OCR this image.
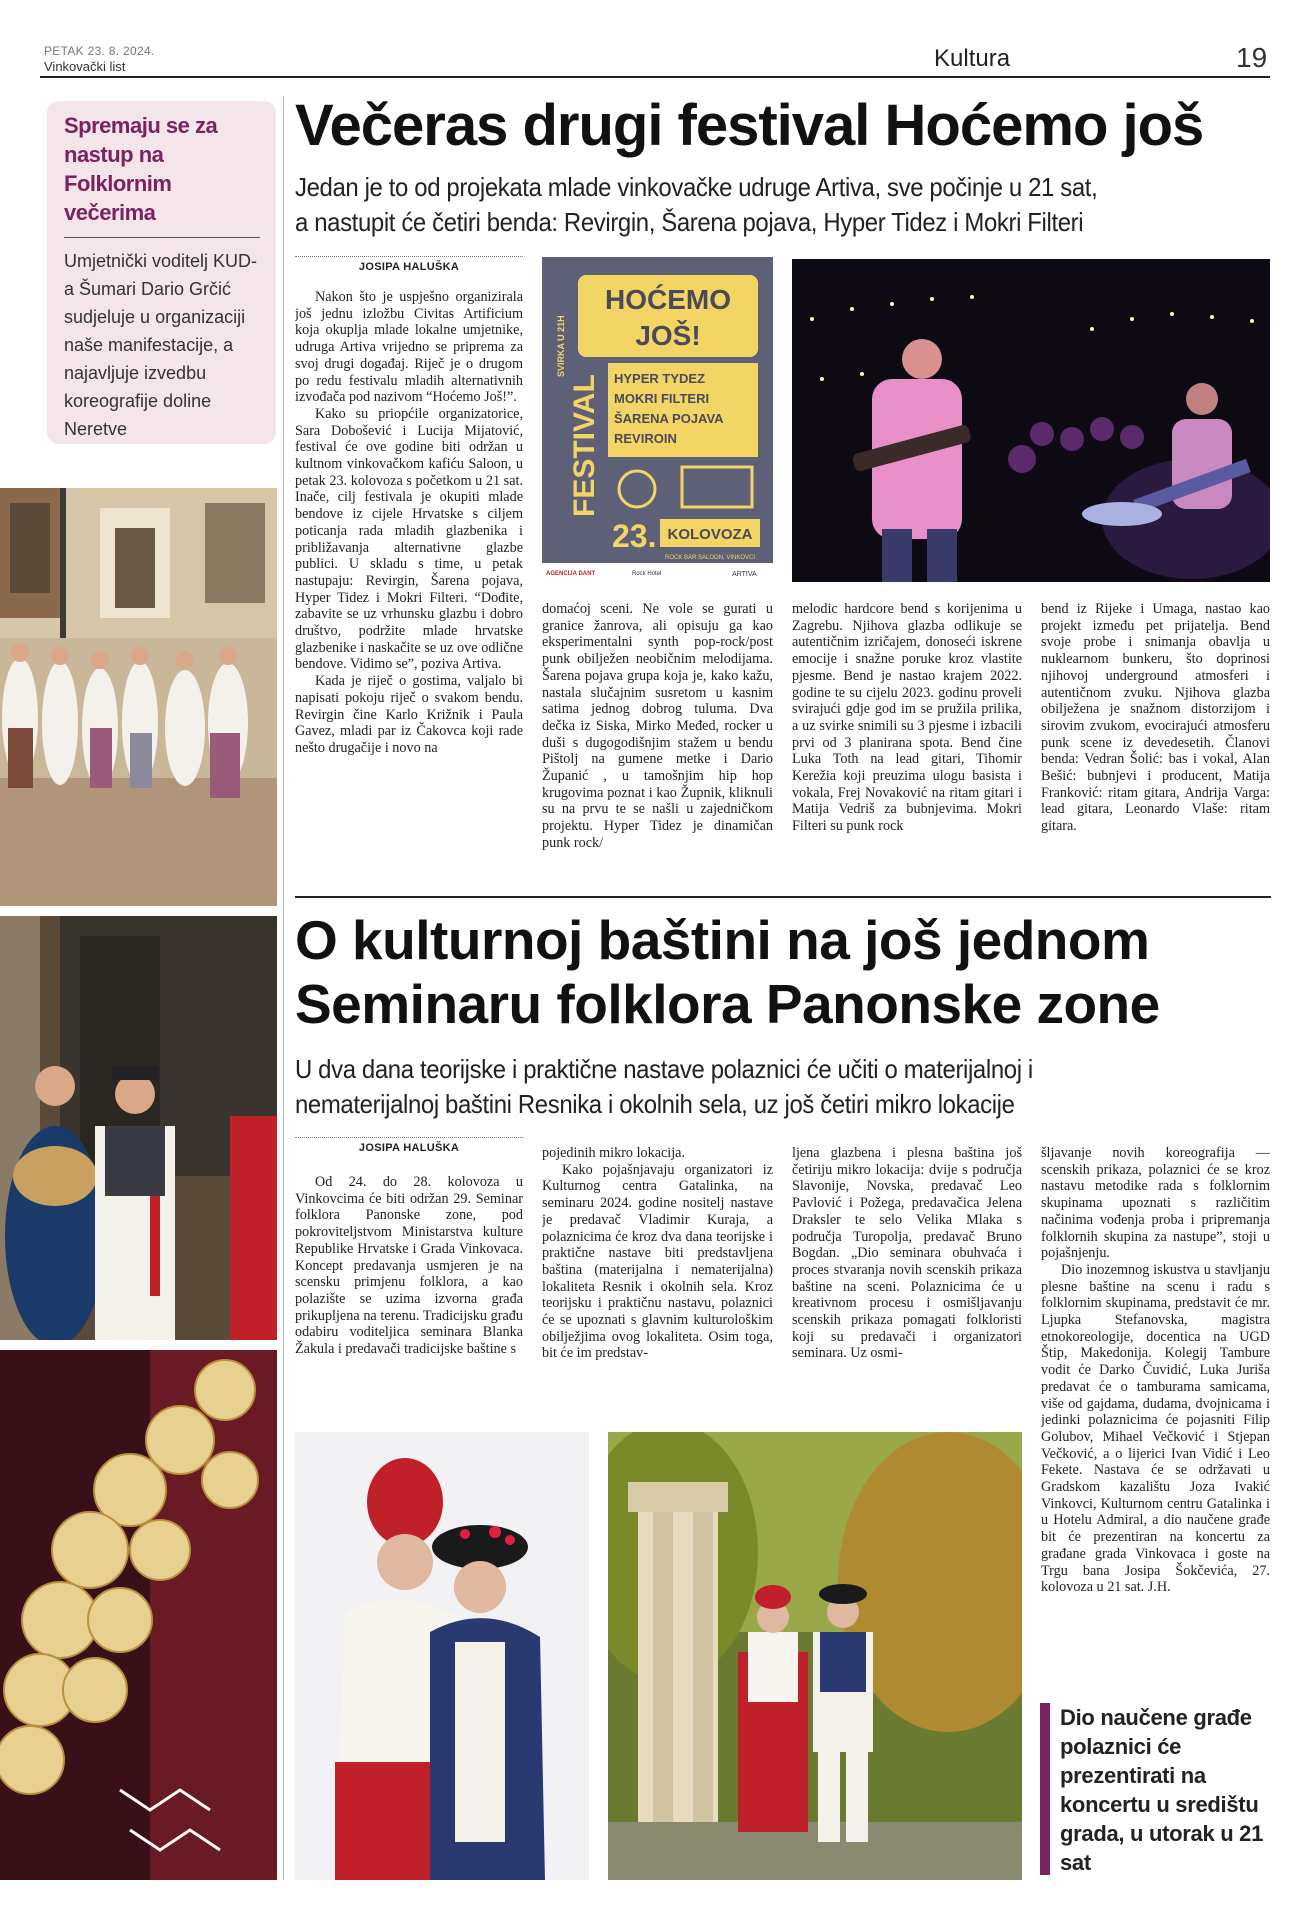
PETAK 23. 8. 2024.
Vinkovački list	Kultura	19
Spremaju se za nastup na Folklornim večerima
Umjetnički voditelj KUD-a Šumari Dario Grčić sudjeluje u organizaciji naše manifestacije, a najavljuje izvedbu koreografije doline Neretve
Večeras drugi festival Hoćemo još
Jedan je to od projekata mlade vinkovačke udruge Artiva, sve počinje u 21 sat,
a nastupit će četiri benda: Revirgin, Šarena pojava, Hyper Tidez i Mokri Filteri
JOSIPA HALUŠKA

Nakon što je uspješno organizirala još jednu izložbu Civitas Artificium koja okuplja mlade lokalne umjetnike, udruga Artiva vrijedno se priprema za svoj drugi događaj. Riječ je o drugom po redu festivalu mladih alternativnih izvođača pod nazivom “Hoćemo Još!”.

Kako su priopćile organizatorice, Sara Dobošević i Lucija Mijatović, festival će ove godine biti održan u kultnom vinkovačkom kafiću Saloon, u petak 23. kolovoza s početkom u 21 sat. Inače, cilj festivala je okupiti mlade bendove iz cijele Hrvatske s ciljem poticanja rada mladih glazbenika i približavanja alternativne glazbe publici. U skladu s time, u petak nastupaju: Revirgin, Šarena pojava, Hyper Tidez i Mokri Filteri. “Dođite, zabavite se uz vrhunsku glazbu i dobro društvo, podržite mlade hrvatske glazbenike i naskačite se uz ove odlične bendove. Vidimo se”, poziva Artiva.

Kada je riječ o gostima, valjalo bi napisati pokoju riječ o svakom bendu. Revirgin čine Karlo Križnik i Paula Gavez, mladi par iz Čakovca koji rade nešto drugačije i novo na

SVIRKA U 21H
HOĆEMO
JOŠ!
FESTIVAL HYPER TYDEZ
MOKRI FILTERI
ŠARENA POJAVA
REVIROIN
23. KOLOVOZA
ROCK BAR SALOON, VINKOVCI
AGENCIJA DANT	Rock Hotel	ARTIVA

domaćoj sceni. Ne vole se gurati u granice žanrova, ali opisuju ga kao eksperimentalni synth pop-rock/post punk obilježen neobičnim melodijama. Šarena pojava grupa koja je, kako kažu, nastala slučajnim susretom u kasnim satima jednog dobrog tuluma. Dva dečka iz Siska, Mirko Međed, rocker u duši s dugogodišnjim stažem u bendu Pištolj na gumene metke i Dario Županić , u tamošnjim hip hop krugovima poznat i kao Župnik, kliknuli su na prvu te se našli u zajedničkom projektu. Hyper Tidez je dinamičan punk rock/

melodic hardcore bend s korijenima u Zagrebu. Njihova glazba odlikuje se autentičnim izričajem, donoseći iskrene emocije i snažne poruke kroz vlastite pjesme. Bend je nastao krajem 2022. godine te su cijelu 2023. godinu proveli svirajući gdje god im se pružila prilika, a uz svirke snimili su 3 pjesme i izbacili prvi od 3 planirana spota. Bend čine Luka Toth na lead gitari, Tihomir Kerežia koji preuzima ulogu basista i vokala, Frej Novaković na ritam gitari i Matija Vedriš za bubnjevima. Mokri Filteri su punk rock

bend iz Rijeke i Umaga, nastao kao projekt između pet prijatelja. Bend svoje probe i snimanja obavlja u nuklearnom bunkeru, što doprinosi njihovoj underground atmosferi i autentičnom zvuku. Njihova glazba obilježena je snažnom distorzijom i sirovim zvukom, evocirajući atmosferu punk scene iz devedesetih. Članovi benda: Vedran Šolić: bas i vokal, Alan Bešić: bubnjevi i producent, Matija Franković: ritam gitara, Andrija Varga: lead gitara, Leonardo Vlaše: ritam gitara.

O kulturnoj baštini na još jednom
Seminaru folklora Panonske zone
U dva dana teorijske i praktične nastave polaznici će učiti o materijalnoj i
nematerijalnoj baštini Resnika i okolnih sela, uz još četiri mikro lokacije
JOSIPA HALUŠKA

Od 24. do 28. kolovoza u Vinkovcima će biti održan 29. Seminar folklora Panonske zone, pod pokroviteljstvom Ministarstva kulture Republike Hrvatske i Grada Vinkovaca. Koncept predavanja usmjeren je na scensku primjenu folklora, a kao polazište se uzima izvorna građa prikupljena na terenu. Tradicijsku građu odabiru voditeljica seminara Blanka Žakula i predavači tradicijske baštine s

pojedinih mikro lokacija.

Kako pojašnjavaju organizatori iz Kulturnog centra Gatalinka, na seminaru 2024. godine nositelj nastave je predavač Vladimir Kuraja, a polaznicima će kroz dva dana teorijske i praktične nastave biti predstavljena baština (materijalna i nematerijalna) lokaliteta Resnik i okolnih sela. Kroz teorijsku i praktičnu nastavu, polaznici će se upoznati s glavnim kulturološkim obilježjima ovog lokaliteta. Osim toga, bit će im predstav-

ljena glazbena i plesna baština još četiriju mikro lokacija: dvije s područja Slavonije, Novska, predavač Leo Pavlović i Požega, predavačica Jelena Draksler te selo Velika Mlaka s područja Turopolja, predavač Bruno Bogdan. „Dio seminara obuhvaća i proces stvaranja novih scenskih prikaza baštine na sceni. Polaznicima će u kreativnom procesu i osmišljavanju scenskih prikaza pomagati folkloristi koji su predavači i organizatori seminara. Uz osmi-

šljavanje novih koreografija — scenskih prikaza, polaznici će se kroz nastavu metodike rada s folklornim skupinama upoznati s različitim načinima vođenja proba i pripremanja folklornih skupina za nastupe”, stoji u pojašnjenju.

Dio inozemnog iskustva u stavljanju plesne baštine na scenu i radu s folklornim skupinama, predstavit će mr. Ljupka Stefanovska, magistra etnokoreologije, docentica na UGD Štip, Makedonija. Kolegij Tambure vodit će Darko Čuvidić, Luka Juriša predavat će o tamburama samicama, više od gajdama, dudama, dvojnicama i jedinki polaznicima će pojasniti Filip Golubov, Mihael Večković i Stjepan Večković, a o lijerici Ivan Vidić i Leo Fekete. Nastava će se održavati u Gradskom kazalištu Joza Ivakić Vinkovci, Kulturnom centru Gatalinka i u Hotelu Admiral, a dio naučene građe bit će prezentiran na koncertu za građane grada Vinkovaca i goste na Trgu bana Josipa Šokčevića, 27. kolovoza u 21 sat. J.H.

Dio naučene građe polaznici će prezentirati na koncertu u središtu grada, u utorak u 21 sat
